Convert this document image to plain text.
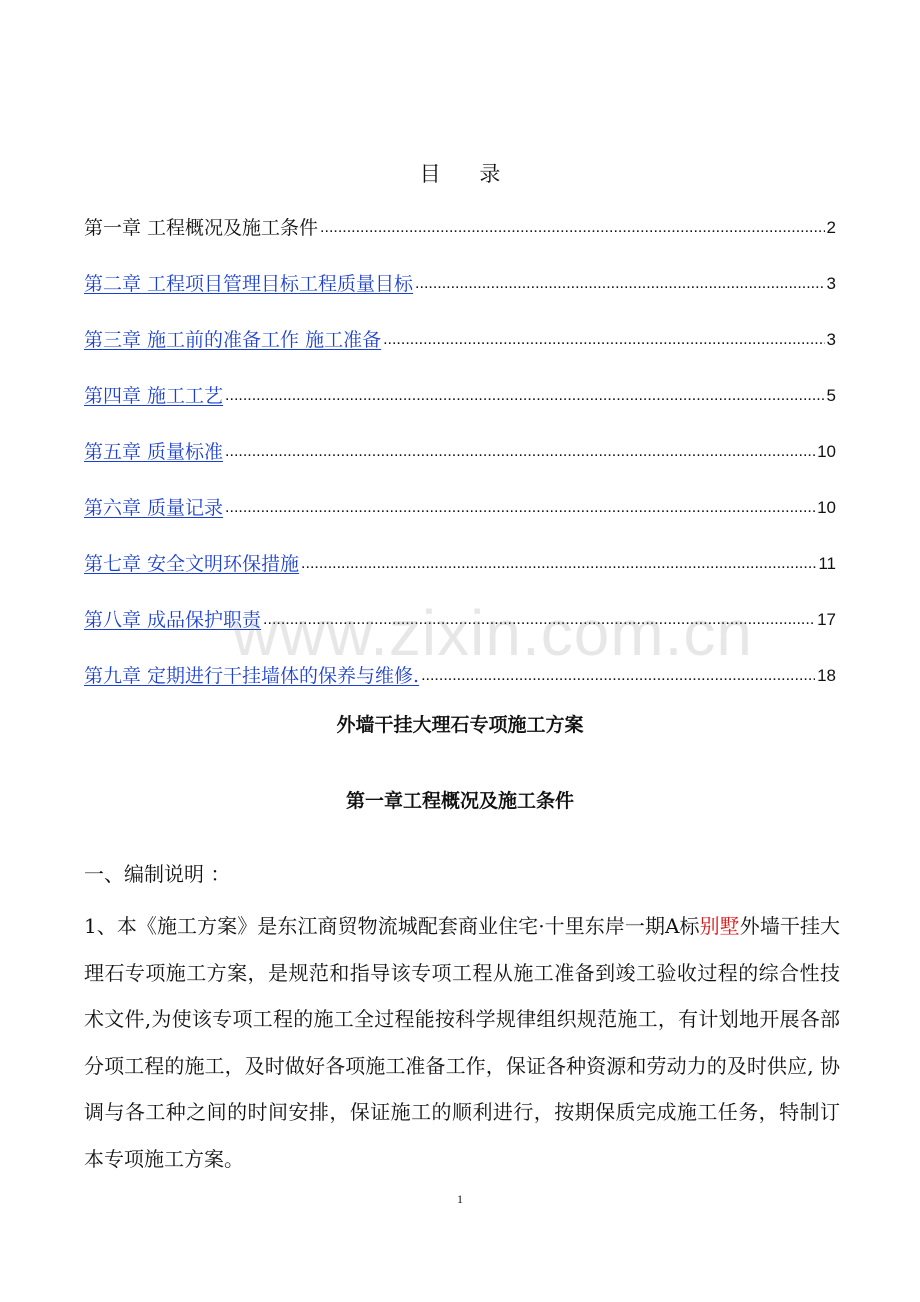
目 录
第一章 工程概况及施工条件 .....	2
第二章 工程项目管理目标工程质量目标 .....	3
第三章 施工前的准备工作 施工准备 .....	3
第四章 施工工艺 .....	5
第五章 质量标准 .....	10
第六章 质量记录 .....	10
第七章 安全文明环保措施 .....	11
第八章 成品保护职责 .....	17
第九章 定期进行干挂墙体的保养与维修. .....	18
www.zixin.com.cn
外墙干挂大理石专项施工方案
第一章工程概况及施工条件
一、编制说明 ：
1、本《施工方案》是东江商贸物流城配套商业住宅·十里东岸一期A标别墅外墙干挂大理石专项施工方案，是规范和指导该专项工程从施工准备到竣工验收过程的综合性技术文件,为使该专项工程的施工全过程能按科学规律组织规范施工，有计划地开展各部分项工程的施工，及时做好各项施工准备工作，保证各种资源和劳动力的及时供应, 协调与各工种之间的时间安排，保证施工的顺利进行，按期保质完成施工任务，特制订本专项施工方案。
1
